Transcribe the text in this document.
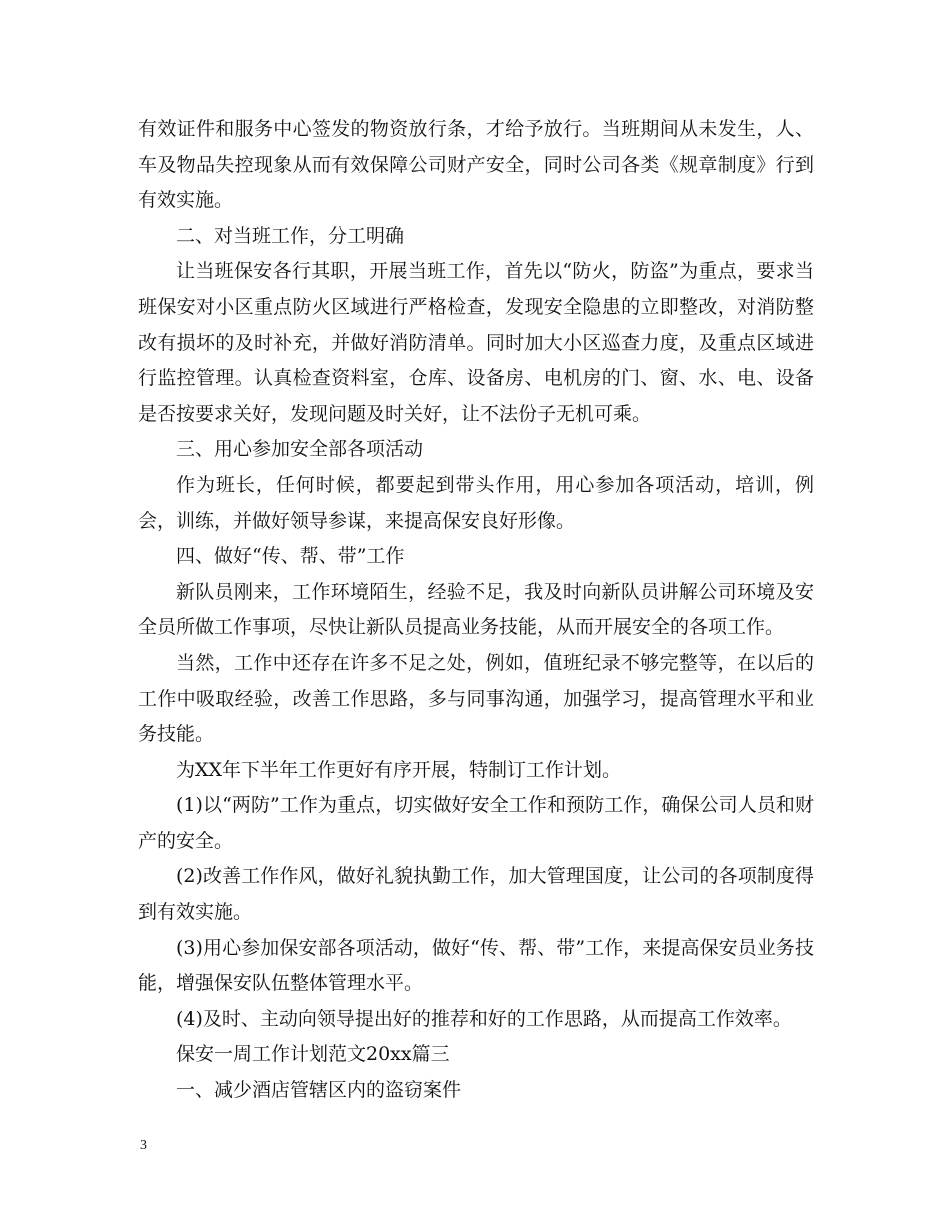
有效证件和服务中心签发的物资放行条，才给予放行。当班期间从未发生，人、车及物品失控现象从而有效保障公司财产安全，同时公司各类《规章制度》行到有效实施。

二、对当班工作，分工明确

让当班保安各行其职，开展当班工作，首先以“防火，防盗”为重点，要求当班保安对小区重点防火区域进行严格检查，发现安全隐患的立即整改，对消防整改有损坏的及时补充，并做好消防清单。同时加大小区巡查力度，及重点区域进行监控管理。认真检查资料室，仓库、设备房、电机房的门、窗、水、电、设备是否按要求关好，发现问题及时关好，让不法份子无机可乘。

三、用心参加安全部各项活动

作为班长，任何时候，都要起到带头作用，用心参加各项活动，培训，例会，训练，并做好领导参谋，来提高保安良好形像。

四、做好“传、帮、带”工作

新队员刚来，工作环境陌生，经验不足，我及时向新队员讲解公司环境及安全员所做工作事项，尽快让新队员提高业务技能，从而开展安全的各项工作。

当然，工作中还存在许多不足之处，例如，值班纪录不够完整等，在以后的工作中吸取经验，改善工作思路，多与同事沟通，加强学习，提高管理水平和业务技能。

为XX年下半年工作更好有序开展，特制订工作计划。

(1)以“两防”工作为重点，切实做好安全工作和预防工作，确保公司人员和财产的安全。

(2)改善工作作风，做好礼貌执勤工作，加大管理国度，让公司的各项制度得到有效实施。

(3)用心参加保安部各项活动，做好“传、帮、带”工作，来提高保安员业务技能，增强保安队伍整体管理水平。

(4)及时、主动向领导提出好的推荐和好的工作思路，从而提高工作效率。

保安一周工作计划范文20xx篇三

一、减少酒店管辖区内的盗窃案件

3
